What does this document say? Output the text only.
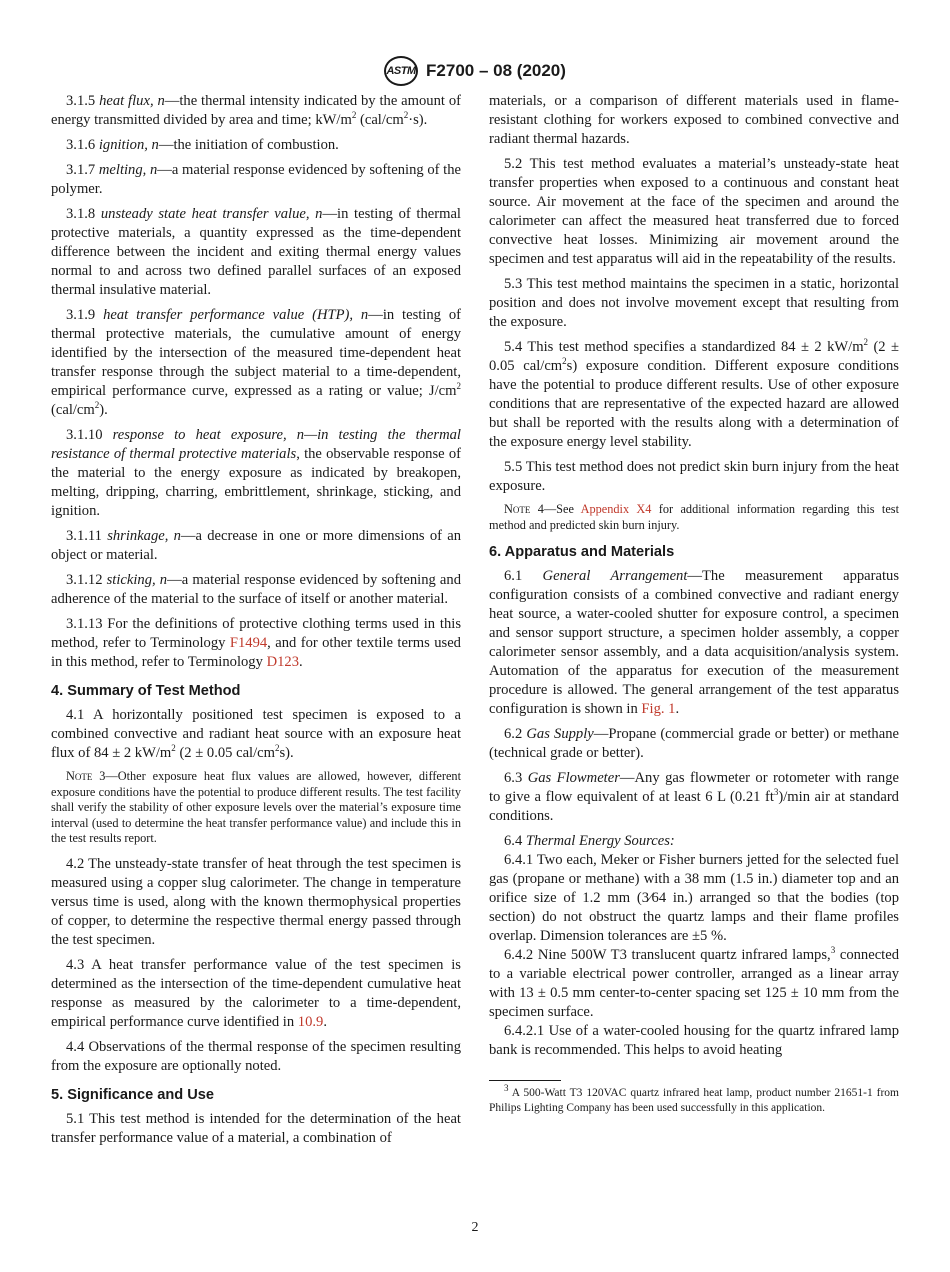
ASTM F2700 – 08 (2020)

3.1.5 heat flux, n—the thermal intensity indicated by the amount of energy transmitted divided by area and time; $kW/m^2$ $(cal/cm^2\cdot s)$.

3.1.6 ignition, n—the initiation of combustion.

3.1.7 melting, n—a material response evidenced by softening of the polymer.

3.1.8 unsteady state heat transfer value, n—in testing of thermal protective materials, a quantity expressed as the time-dependent difference between the incident and exiting thermal energy values normal to and across two defined parallel surfaces of an exposed thermal insulative material.

3.1.9 heat transfer performance value (HTP), n—in testing of thermal protective materials, the cumulative amount of energy identified by the intersection of the measured time-dependent heat transfer response through the subject material to a time-dependent, empirical performance curve, expressed as a rating or value; $J/cm^2$ $(cal/cm^2)$.

3.1.10 response to heat exposure, n—in testing the thermal resistance of thermal protective materials, the observable response of the material to the energy exposure as indicated by breakopen, melting, dripping, charring, embrittlement, shrinkage, sticking, and ignition.

3.1.11 shrinkage, n—a decrease in one or more dimensions of an object or material.

3.1.12 sticking, n—a material response evidenced by softening and adherence of the material to the surface of itself or another material.

3.1.13 For the definitions of protective clothing terms used in this method, refer to Terminology F1494, and for other textile terms used in this method, refer to Terminology D123.

4. Summary of Test Method

4.1 A horizontally positioned test specimen is exposed to a combined convective and radiant heat source with an exposure heat flux of 84 ± 2 $kW/m^2$ (2 ± 0.05 cal/$cm^2s$).

Note 3—Other exposure heat flux values are allowed, however, different exposure conditions have the potential to produce different results. The test facility shall verify the stability of other exposure levels over the material’s exposure time interval (used to determine the heat transfer performance value) and include this in the test results report.

4.2 The unsteady-state transfer of heat through the test specimen is measured using a copper slug calorimeter. The change in temperature versus time is used, along with the known thermophysical properties of copper, to determine the respective thermal energy passed through the test specimen.

4.3 A heat transfer performance value of the test specimen is determined as the intersection of the time-dependent cumulative heat response as measured by the calorimeter to a time-dependent, empirical performance curve identified in 10.9.

4.4 Observations of the thermal response of the specimen resulting from the exposure are optionally noted.

5. Significance and Use

5.1 This test method is intended for the determination of the heat transfer performance value of a material, a combination of

materials, or a comparison of different materials used in flame-resistant clothing for workers exposed to combined convective and radiant thermal hazards.

5.2 This test method evaluates a material’s unsteady-state heat transfer properties when exposed to a continuous and constant heat source. Air movement at the face of the specimen and around the calorimeter can affect the measured heat transferred due to forced convective heat losses. Minimizing air movement around the specimen and test apparatus will aid in the repeatability of the results.

5.3 This test method maintains the specimen in a static, horizontal position and does not involve movement except that resulting from the exposure.

5.4 This test method specifies a standardized 84 ± 2 $kW/m^2$ (2 ± 0.05 cal/$cm^2s$) exposure condition. Different exposure conditions have the potential to produce different results. Use of other exposure conditions that are representative of the expected hazard are allowed but shall be reported with the results along with a determination of the exposure energy level stability.

5.5 This test method does not predict skin burn injury from the heat exposure.

Note 4—See Appendix X4 for additional information regarding this test method and predicted skin burn injury.

6. Apparatus and Materials

6.1 General Arrangement—The measurement apparatus configuration consists of a combined convective and radiant energy heat source, a water-cooled shutter for exposure control, a specimen and sensor support structure, a specimen holder assembly, a copper calorimeter sensor assembly, and a data acquisition/analysis system. Automation of the apparatus for execution of the measurement procedure is allowed. The general arrangement of the test apparatus configuration is shown in Fig. 1.

6.2 Gas Supply—Propane (commercial grade or better) or methane (technical grade or better).

6.3 Gas Flowmeter—Any gas flowmeter or rotometer with range to give a flow equivalent of at least 6 L (0.21 $ft^3)/\min$ air at standard conditions.

6.4 Thermal Energy Sources:

6.4.1 Two each, Meker or Fisher burners jetted for the selected fuel gas (propane or methane) with a 38 mm (1.5 in.) diameter top and an orifice size of 1.2 mm (3⁄64 in.) arranged so that the bodies (top section) do not obstruct the quartz lamps and their flame profiles overlap. Dimension tolerances are ±5 %.

6.4.2 Nine 500W T3 translucent quartz infrared lamps,$^3$ connected to a variable electrical power controller, arranged as a linear array with 13 ± 0.5 mm center-to-center spacing set 125 ± 10 mm from the specimen surface.

6.4.2.1 Use of a water-cooled housing for the quartz infrared lamp bank is recommended. This helps to avoid heating

$^3$ A 500-Watt T3 120VAC quartz infrared heat lamp, product number 21651-1 from Philips Lighting Company has been used successfully in this application.

2
